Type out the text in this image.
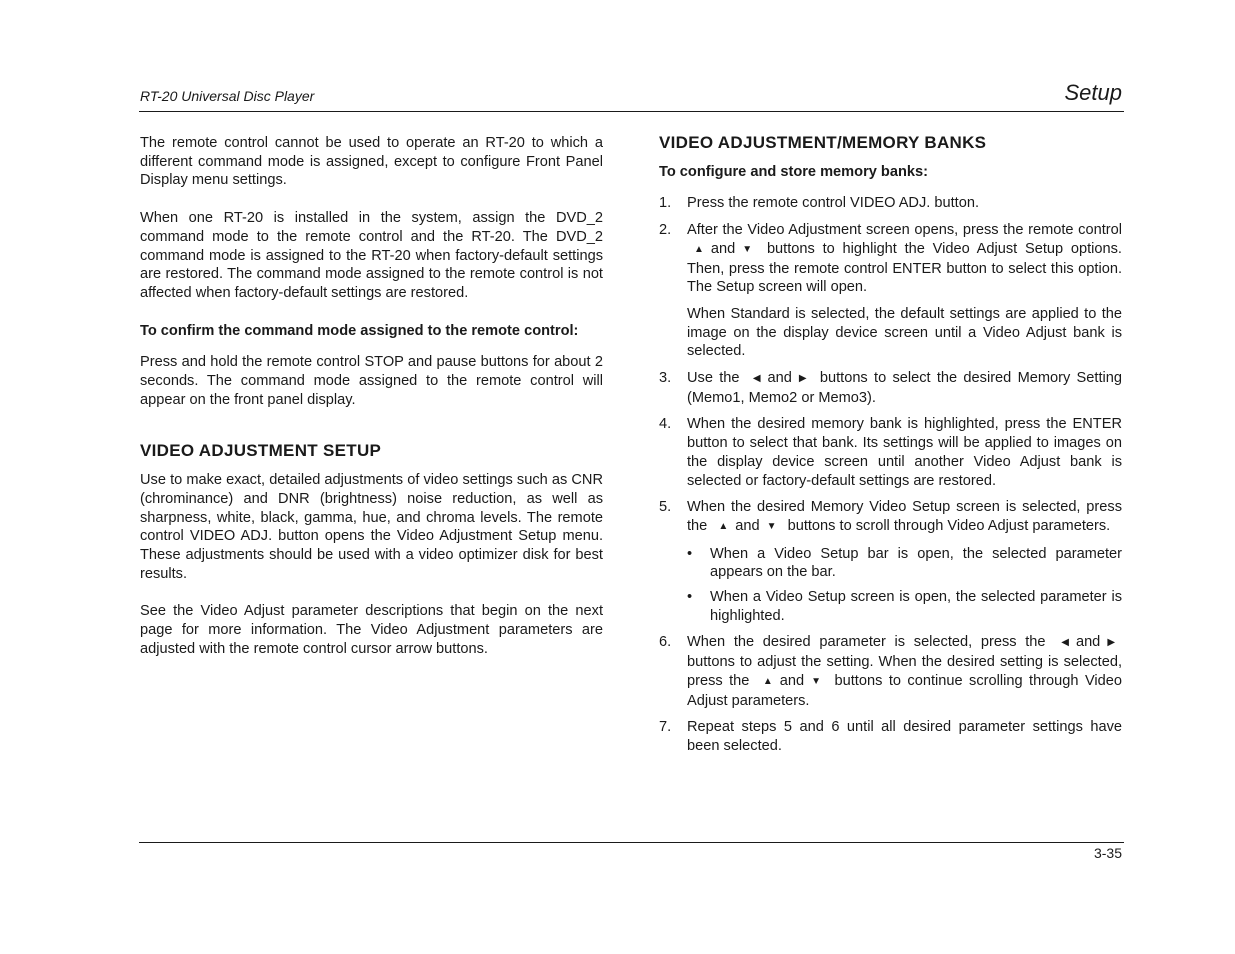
RT-20 Universal Disc Player	Setup

The remote control cannot be used to operate an RT-20 to which a different command mode is assigned, except to configure Front Panel Display menu settings.

When one RT-20 is installed in the system, assign the DVD_2 command mode to the remote control and the RT-20. The DVD_2 command mode is assigned to the RT-20 when factory-default settings are restored. The command mode assigned to the remote control is not affected when factory-default settings are restored.

To confirm the command mode assigned to the remote control:

Press and hold the remote control STOP and pause buttons for about 2 seconds. The command mode assigned to the remote control will appear on the front panel display.

VIDEO ADJUSTMENT SETUP

Use to make exact, detailed adjustments of video settings such as CNR (chrominance) and DNR (brightness) noise reduction, as well as sharpness, white, black, gamma, hue, and chroma levels. The remote control VIDEO ADJ. button opens the Video Adjustment Setup menu. These adjustments should be used with a video optimizer disk for best results.

See the Video Adjust parameter descriptions that begin on the next page for more information. The Video Adjustment parameters are adjusted with the remote control cursor arrow buttons.

VIDEO ADJUSTMENT/MEMORY BANKS

To configure and store memory banks:

1. Press the remote control VIDEO ADJ. button.
2. After the Video Adjustment screen opens, press the remote control ▲ and ▼ buttons to highlight the Video Adjust Setup options. Then, press the remote control ENTER button to select this option. The Setup screen will open.

When Standard is selected, the default settings are applied to the image on the display device screen until a Video Adjust bank is selected.

3. Use the ◀ and ▶ buttons to select the desired Memory Setting (Memo1, Memo2 or Memo3).
4. When the desired memory bank is highlighted, press the ENTER button to select that bank. Its settings will be applied to images on the display device screen until another Video Adjust bank is selected or factory-default settings are restored.
5. When the desired Memory Video Setup screen is selected, press the ▲ and ▼ buttons to scroll through Video Adjust parameters.
• When a Video Setup bar is open, the selected parameter appears on the bar.
• When a Video Setup screen is open, the selected parameter is highlighted.
6. When the desired parameter is selected, press the ◀ and ▶ buttons to adjust the setting. When the desired setting is selected, press the ▲ and ▼ buttons to continue scrolling through Video Adjust parameters.
7. Repeat steps 5 and 6 until all desired parameter settings have been selected.
3-35
